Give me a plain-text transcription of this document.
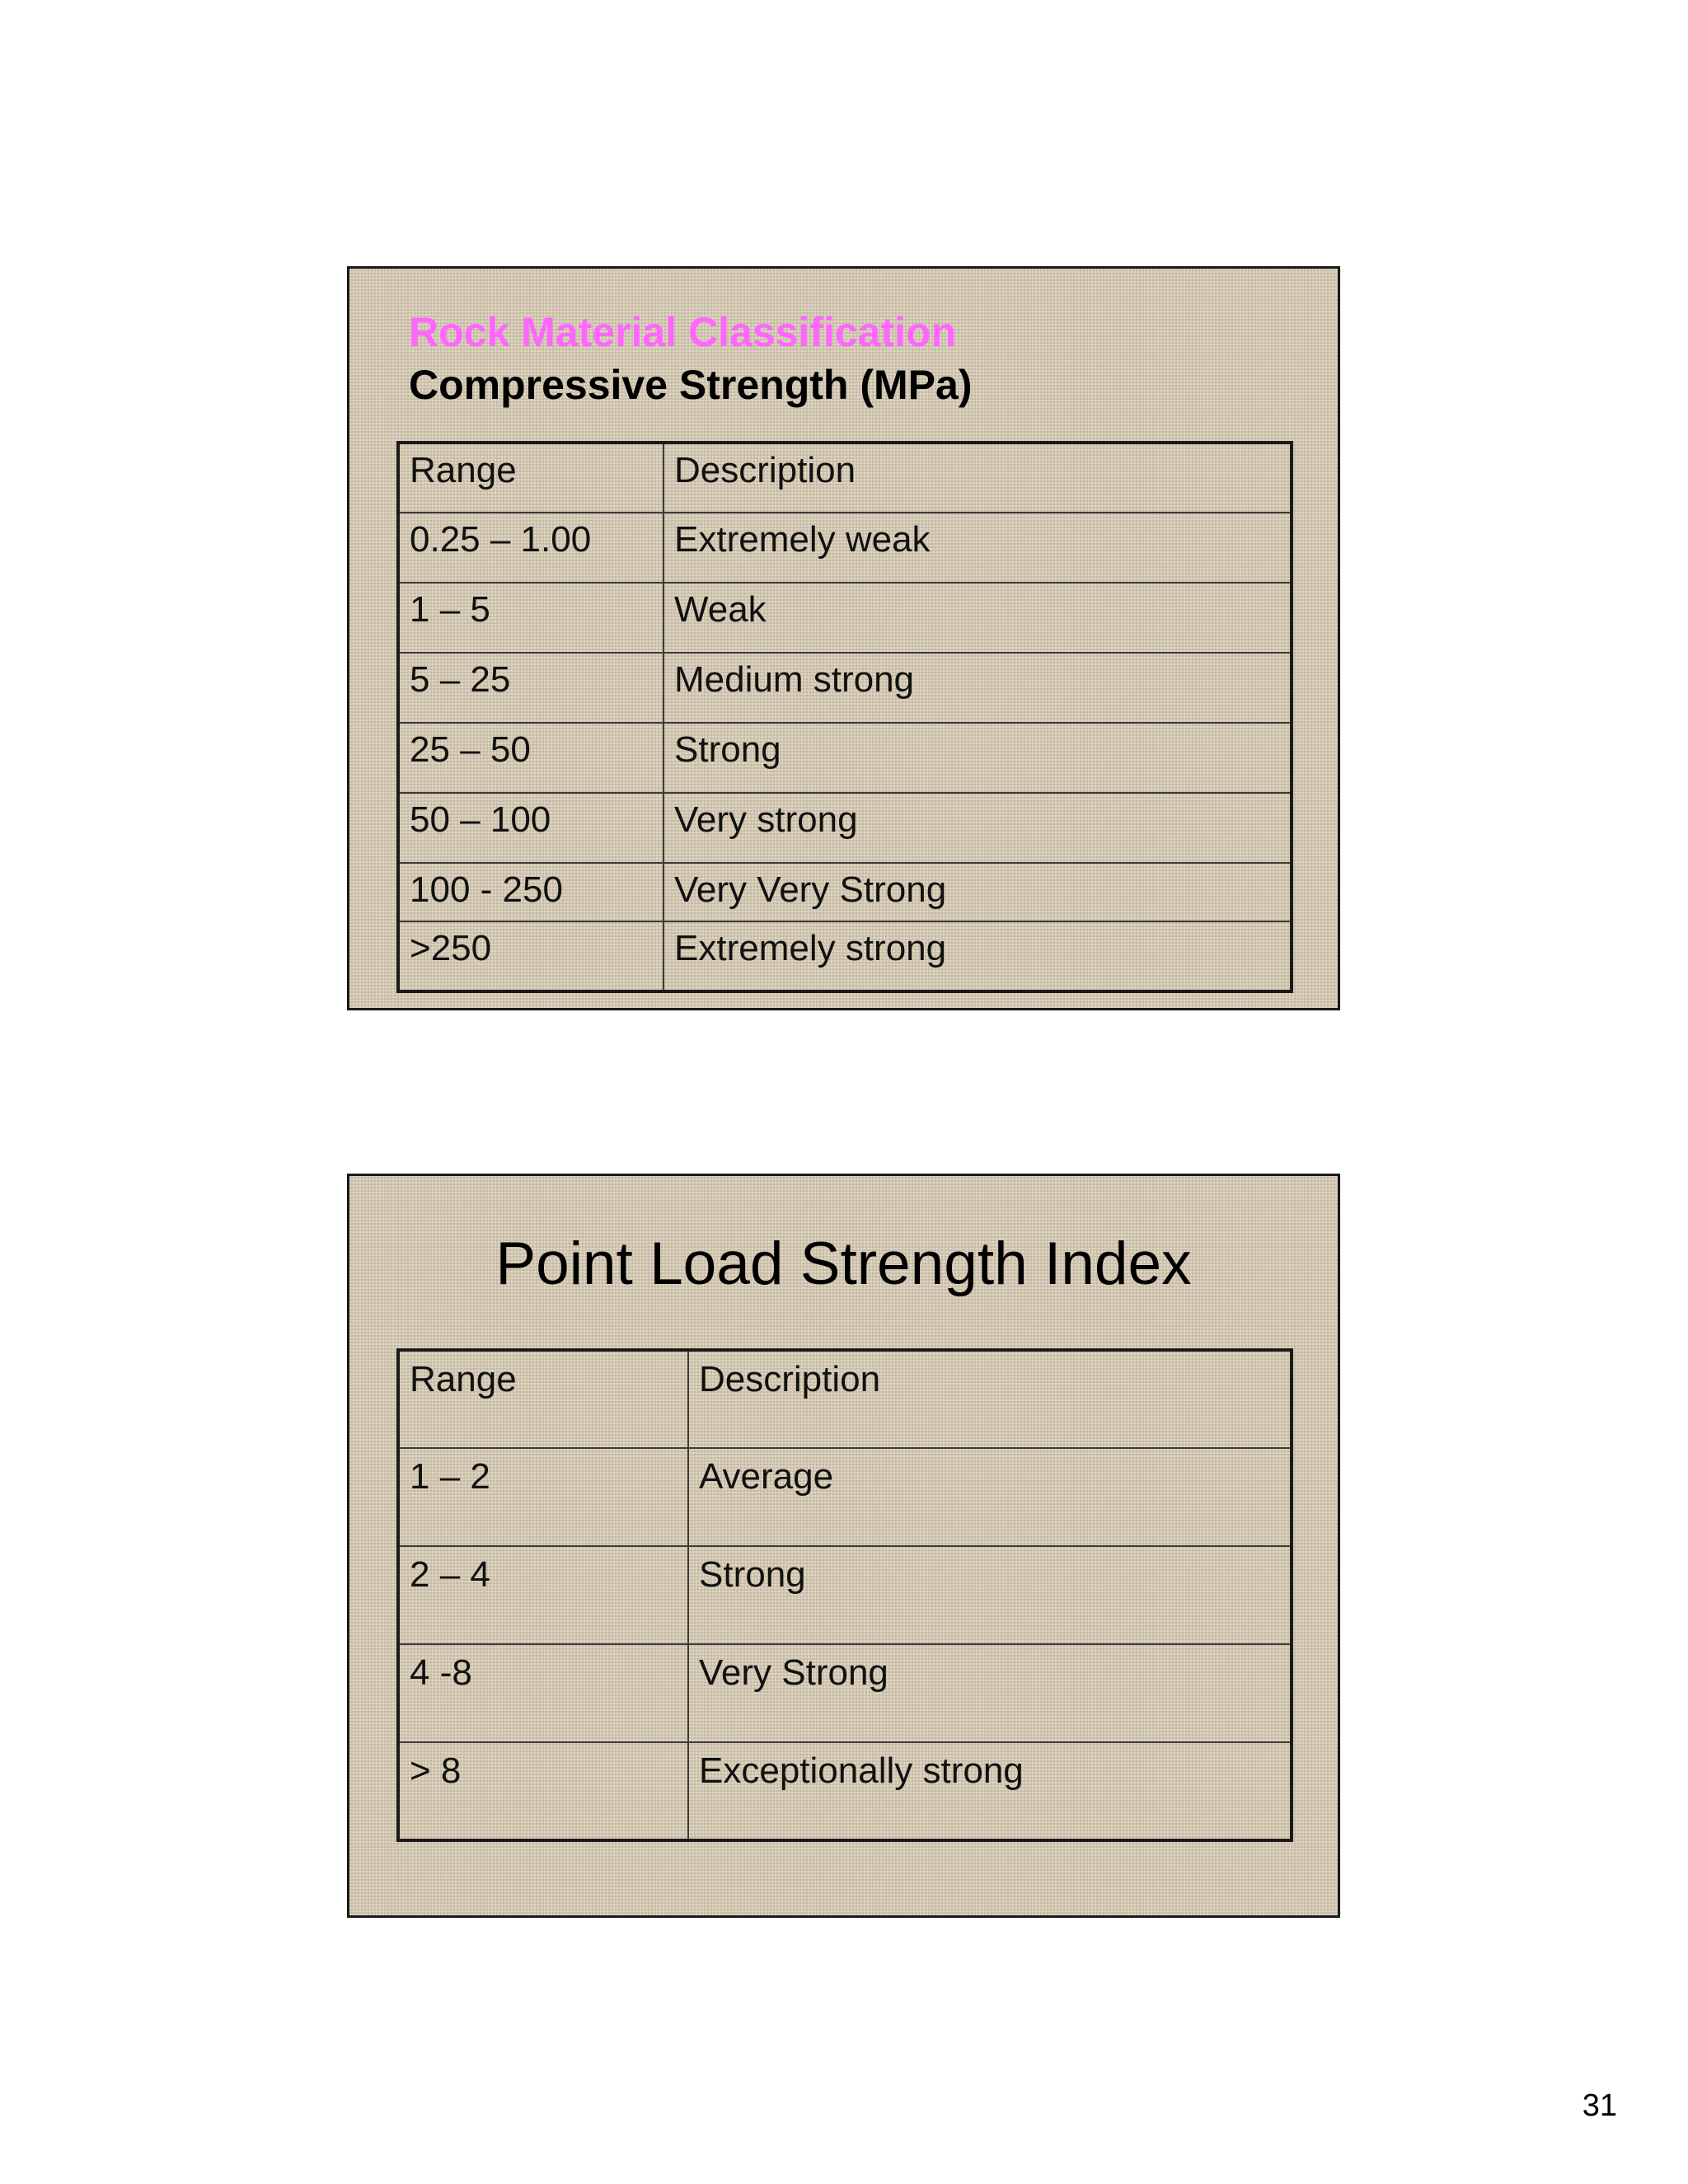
Rock Material Classification
Compressive Strength (MPa)
Range	Description
0.25 – 1.00	Extremely weak
1 – 5	Weak
5 – 25	Medium strong
25 – 50	Strong
50 – 100	Very strong
100 - 250	Very Very Strong
>250	Extremely strong
Point Load Strength Index
Range	Description
1 – 2	Average
2 – 4	Strong
4 -8	Very Strong
> 8	Exceptionally strong
31
